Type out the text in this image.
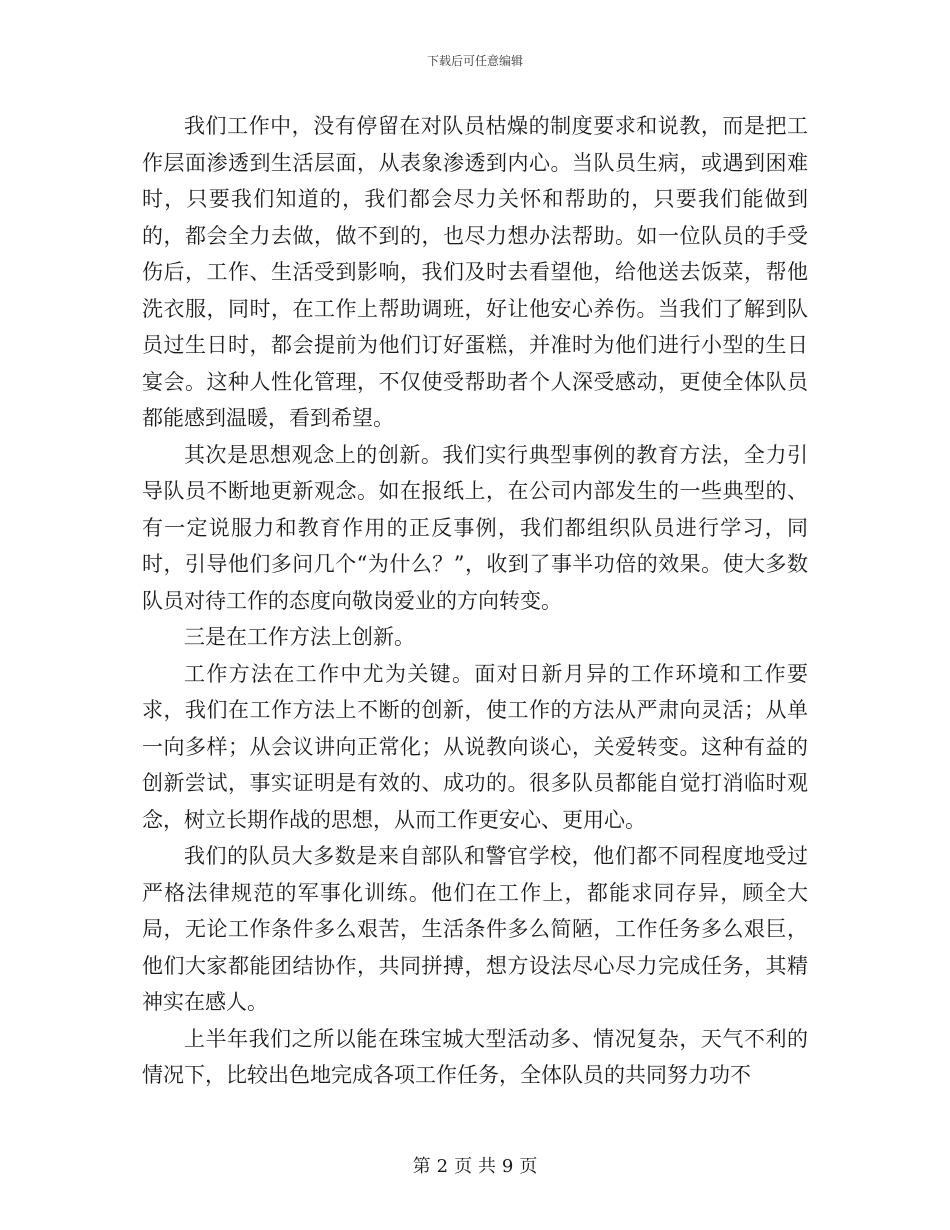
下载后可任意编辑

我们工作中，没有停留在对队员枯燥的制度要求和说教，而是把工作层面渗透到生活层面，从表象渗透到内心。当队员生病，或遇到困难时，只要我们知道的，我们都会尽力关怀和帮助的，只要我们能做到的，都会全力去做，做不到的，也尽力想办法帮助。如一位队员的手受伤后，工作、生活受到影响，我们及时去看望他，给他送去饭菜，帮他洗衣服，同时，在工作上帮助调班，好让他安心养伤。当我们了解到队员过生日时，都会提前为他们订好蛋糕，并准时为他们进行小型的生日宴会。这种人性化管理，不仅使受帮助者个人深受感动，更使全体队员都能感到温暖，看到希望。

其次是思想观念上的创新。我们实行典型事例的教育方法，全力引导队员不断地更新观念。如在报纸上，在公司内部发生的一些典型的、有一定说服力和教育作用的正反事例，我们都组织队员进行学习，同时，引导他们多问几个“为什么？”，收到了事半功倍的效果。使大多数队员对待工作的态度向敬岗爱业的方向转变。

三是在工作方法上创新。

工作方法在工作中尤为关键。面对日新月异的工作环境和工作要求，我们在工作方法上不断的创新，使工作的方法从严肃向灵活；从单一向多样；从会议讲向正常化；从说教向谈心，关爱转变。这种有益的创新尝试，事实证明是有效的、成功的。很多队员都能自觉打消临时观念，树立长期作战的思想，从而工作更安心、更用心。

我们的队员大多数是来自部队和警官学校，他们都不同程度地受过严格法律规范的军事化训练。他们在工作上，都能求同存异，顾全大局，无论工作条件多么艰苦，生活条件多么简陋，工作任务多么艰巨，他们大家都能团结协作，共同拼搏，想方设法尽心尽力完成任务，其精神实在感人。

上半年我们之所以能在珠宝城大型活动多、情况复杂，天气不利的情况下，比较出色地完成各项工作任务，全体队员的共同努力功不

第 2 页 共 9 页
